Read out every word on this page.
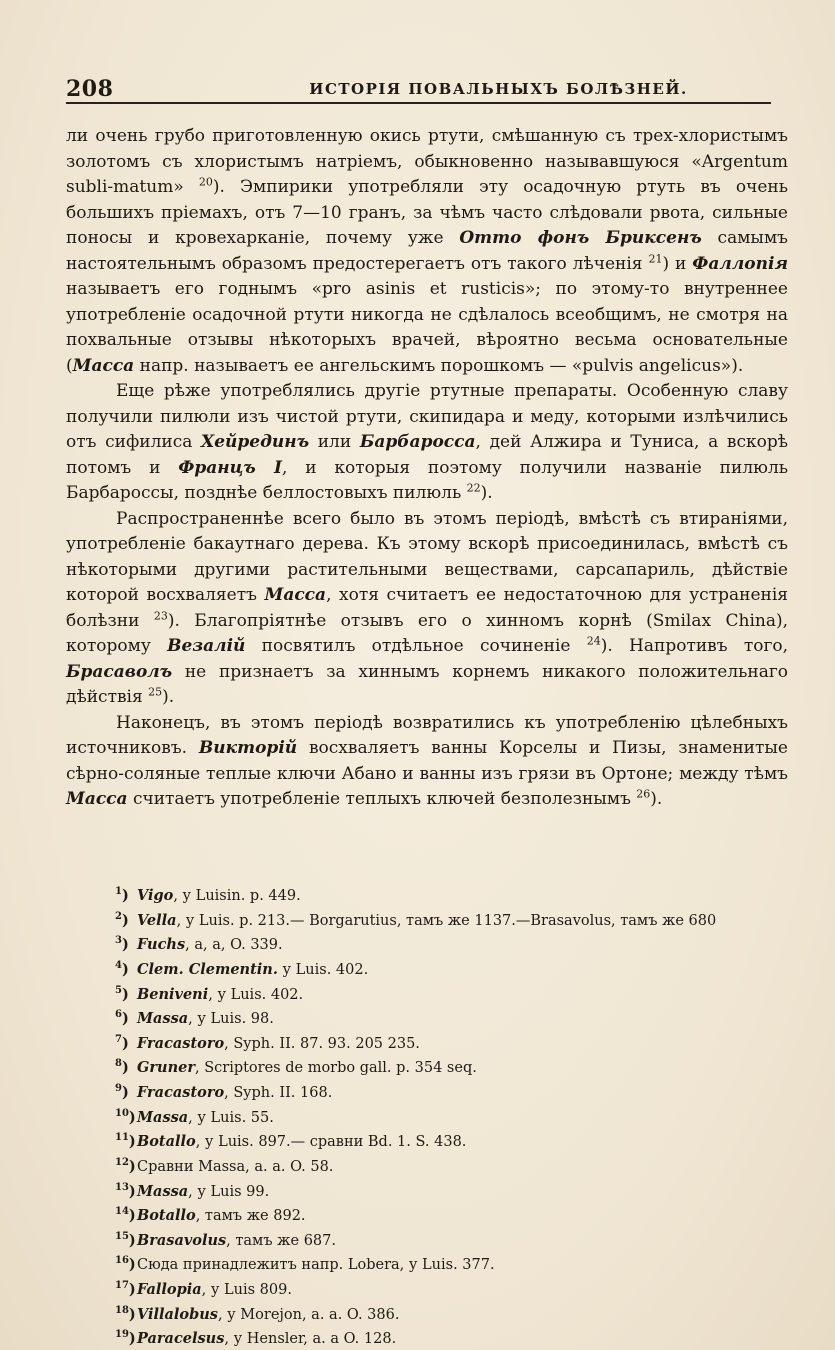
208	ИСТОРІЯ ПОВАЛЬНЫХЪ БОЛѢЗНЕЙ.

ли очень грубо приготовленную окись ртути, смѣшанную съ трех-хлористымъ золотомъ съ хлористымъ натріемъ, обыкновенно называвшуюся «Argentum subli-matum» $^{20}$). Эмпирики употребляли эту осадочную ртуть въ очень большихъ пріемахъ, отъ 7—10 гранъ, за чѣмъ часто слѣдовали рвота, сильные поносы и кровехарканіе, почему уже Отто фонъ Бриксенъ самымъ настоятельнымъ образомъ предостерегаетъ отъ такого лѣченія $^{21}$) и Фаллопія называетъ его годнымъ «pro asinis et rusticis»; по этому-то внутреннее употребленіе осадочной ртути никогда не сдѣлалось всеобщимъ, не смотря на похвальные отзывы нѣкоторыхъ врачей, вѣроятно весьма основательные (Масса напр. называетъ ее ангельскимъ порошкомъ — «pulvis angelicus»).

Еще рѣже употреблялись другіе ртутные препараты. Особенную славу получили пилюли изъ чистой ртути, скипидара и меду, которыми излѣчились отъ сифилиса Хейрединъ или Барбаросса, дей Алжира и Туниса, а вскорѣ потомъ и Францъ I, и которыя поэтому получили названіе пилюль Барбароссы, позднѣе беллостовыхъ пилюль $^{22}$).

Распространеннѣе всего было въ этомъ періодѣ, вмѣстѣ съ втираніями, употребленіе бакаутнаго дерева. Къ этому вскорѣ присоединилась, вмѣстѣ съ нѣкоторыми другими растительными веществами, сарсапариль, дѣйствіе которой восхваляетъ Масса, хотя считаетъ ее недостаточною для устраненія болѣзни $^{23}$). Благопріятнѣе отзывъ его о хинномъ корнѣ (Smilax China), которому Везалій посвятилъ отдѣльное сочиненіе $^{24}$). Напротивъ того, Брасаволъ не признаетъ за хиннымъ корнемъ никакого положительнаго дѣйствія $^{25}$).

Наконецъ, въ этомъ періодѣ возвратились къ употребленію цѣлебныхъ источниковъ. Викторій восхваляетъ ванны Корселы и Пизы, знаменитые сѣрно-соляные теплые ключи Абано и ванны изъ грязи въ Ортоне; между тѣмъ Масса считаетъ употребленіе теплыхъ ключей безполезнымъ $^{26}$).

$^1$)Vigo, у Luisin. p. 449.
$^2$)Vella, у Luis. p. 213.— Borgarutius, тамъ же 1137.—Brasavolus, тамъ же 680
$^3$)Fuchs, a, a, O. 339.
$^4$)Clem. Clementin. у Luis. 402.
$^5$)Beniveni, у Luis. 402.
$^6$)Massa, у Luis. 98.
$^7$)Fracastoro, Syph. II. 87. 93. 205 235.
$^8$)Gruner, Scriptores de morbo gall. p. 354 seq.
$^9$)Fracastoro, Syph. II. 168.
$^{10}$)Massa, у Luis. 55.
$^{11}$)Botallo, у Luis. 897.— сравни Bd. 1. S. 438.
$^{12}$)Сравни Massa, a. a. O. 58.
$^{13}$)Massa, у Luis 99.
$^{14}$)Botallo, тамъ же 892.
$^{15}$)Brasavolus, тамъ же 687.
$^{16}$)Сюда принадлежитъ напр. Lobera, у Luis. 377.
$^{17}$)Fallopia, у Luis 809.
$^{18}$)Villalobus, у Morejon, a. a. O. 386.
$^{19}$)Paracelsus, у Hensler, a. a O. 128.
